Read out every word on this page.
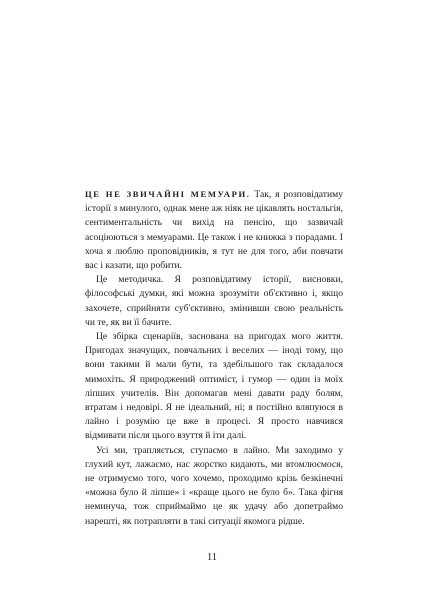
ЦЕ НЕ ЗВИЧАЙНІ МЕМУАРИ. Так, я розповідатиму історії з минулого, однак мене аж ніяк не цікавлять ностальгія, сентиментальність чи вихід на пенсію, що зазвичай асоціюються з мемуарами. Це також і не книжка з порадами. І хоча я люблю проповідників, я тут не для того, аби повчати вас і казати, що робити.

Це методичка. Я розповідатиму історії, висновки, філософські думки, які можна зрозуміти об'єктивно і, якщо захочете, сприйняти суб'єктивно, змінивши свою реальність чи те, як ви її бачите.

Це збірка сценаріїв, заснована на пригодах мого життя. Пригодах значущих, повчальних і веселих — іноді тому, що вони такими й мали бути, та здебільшого так складалося мимохіть. Я природжений оптиміст, і гумор — один із моїх ліпших учителів. Він допомагав мені давати раду болям, втратам і недовірі. Я не ідеальний, ні; я постійно вляпуюся в лайно і розумію це вже в процесі. Я просто навчився відмивати після цього взуття й іти далі.

Усі ми, трапляється, ступаємо в лайно. Ми заходимо у глухий кут, лажаємо, нас жорстко кидають, ми втомлюємося, не отримуємо того, чого хочемо, проходимо крізь безкінечні «можна було й ліпше» і «краще цього не було б». Така фігня неминуча, тож сприймаймо це як удачу або допетраймо нарешті, як потрапляти в такі ситуації якомога рідше.

11
